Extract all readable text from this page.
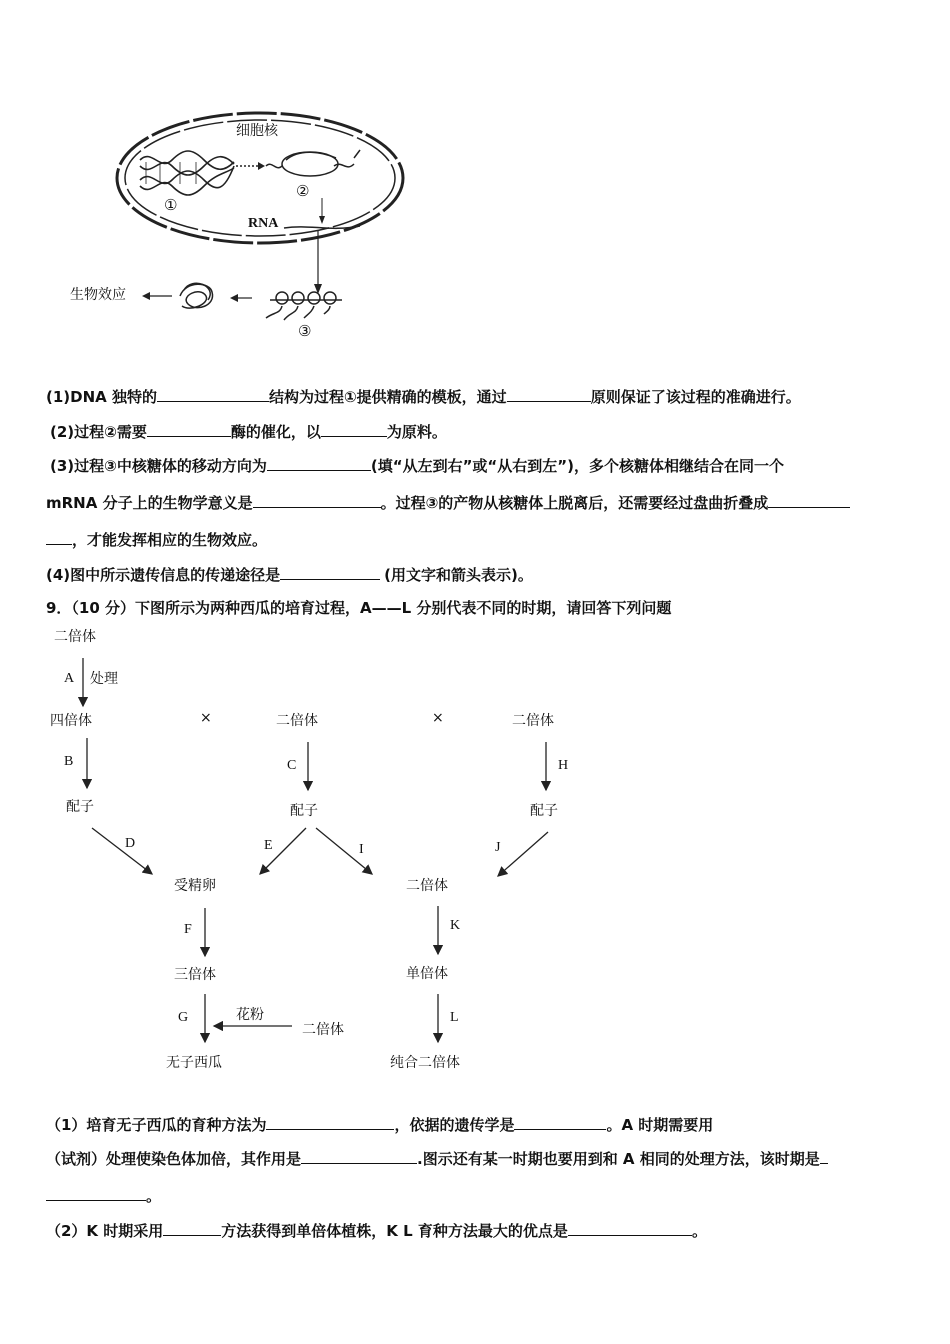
细胞核
①
②
RNA
生物效应
③
(1)DNA 独特的	结构为过程①提供精确的模板，通过	原则保证了该过程的准确进行。
(2)过程②需要	酶的催化，以	为原料。
(3)过程③中核糖体的移动方向为	(填“从左到右”或“从右到左”)，多个核糖体相继结合在同一个
mRNA 分子上的生物学意义是	。过程③的产物从核糖体上脱离后，还需要经过盘曲折叠成
，才能发挥相应的生物效应。
(4)图中所示遗传信息的传递途径是	(用文字和箭头表示)。
9．（10 分）下图所示为两种西瓜的培育过程，A——L 分别代表不同的时期，请回答下列问题
二倍体
A 处理
四倍体	×	二倍体	×	二倍体
B	C	H
配子	配子	配子
D	E	I	J
受精卵	二倍体
F	K
三倍体	单倍体
G	花粉
二倍体
L
无子西瓜	纯合二倍体
（1）培育无子西瓜的育种方法为	，依据的遗传学是	。A 时期需要用
（试剂）处理使染色体加倍，其作用是	.图示还有某一时期也要用到和 A 相同的处理方法，该时期是
。
（2）K 时期采用	方法获得到单倍体植株，K L 育种方法最大的优点是	。
